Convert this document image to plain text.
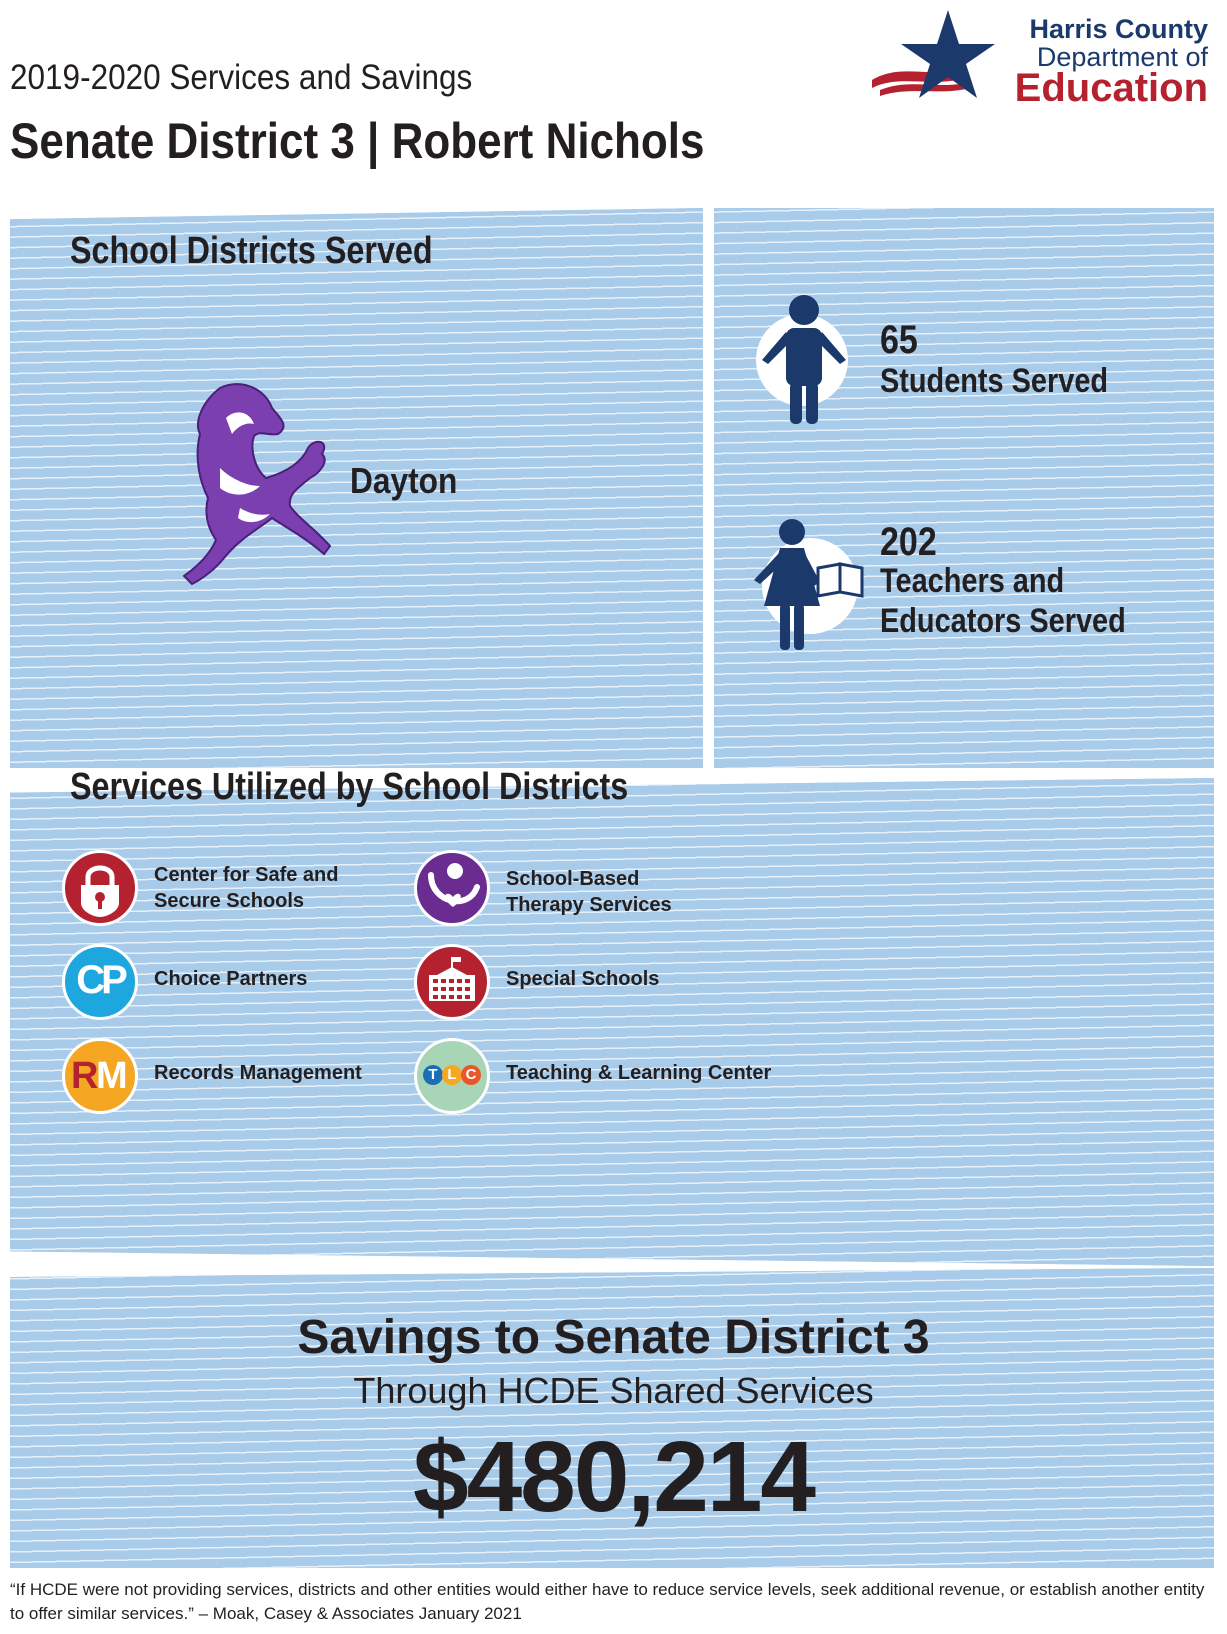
2019-2020 Services and Savings
Senate District 3 | Robert Nichols
Harris County
Department of
Education
School Districts Served
Dayton
65
Students Served
202
Teachers and
Educators Served
Services Utilized by School Districts
Center for Safe and
Secure Schools
School-Based
Therapy Services
CP	Choice Partners	Special Schools
R
M Records Management	T L C Teaching & Learning Center
Savings to Senate District 3
Through HCDE Shared Services
$480,214
“If HCDE were not providing services, districts and other entities would either have to reduce service levels, seek additional revenue, or establish another entity to offer similar services.” – Moak, Casey & Associates January 2021
